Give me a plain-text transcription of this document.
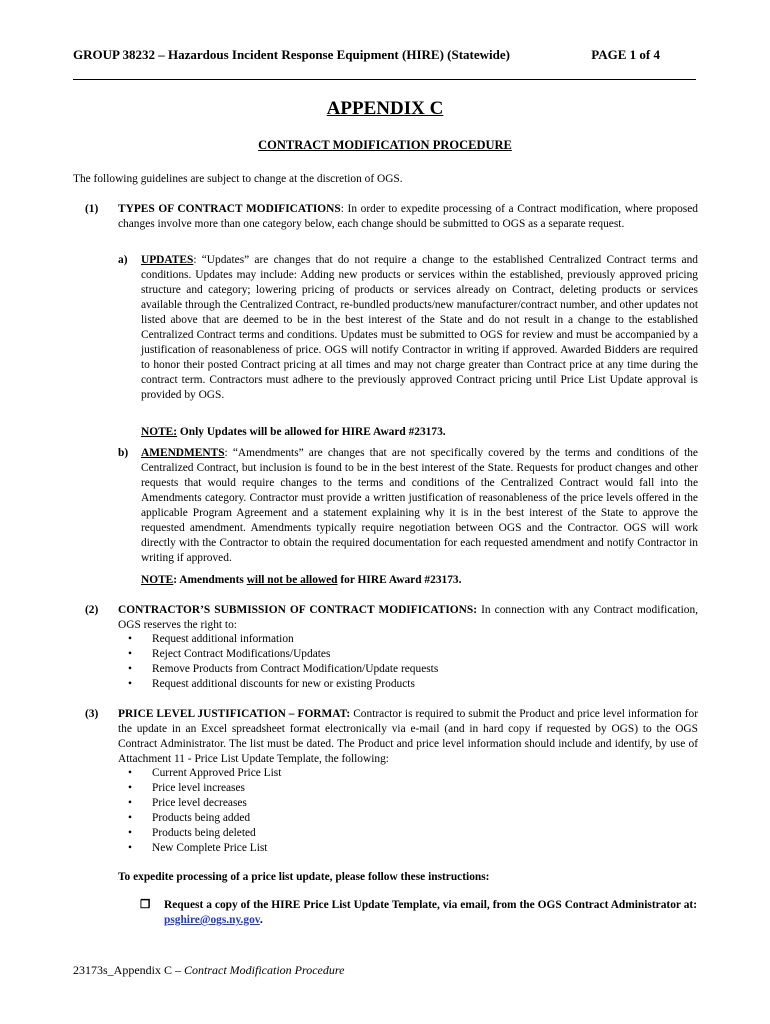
GROUP 38232 – Hazardous Incident Response Equipment (HIRE) (Statewide)	PAGE 1 of 4
APPENDIX C
CONTRACT MODIFICATION PROCEDURE
The following guidelines are subject to change at the discretion of OGS.
(1) TYPES OF CONTRACT MODIFICATIONS: In order to expedite processing of a Contract modification, where proposed changes involve more than one category below, each change should be submitted to OGS as a separate request.
a) UPDATES: “Updates” are changes that do not require a change to the established Centralized Contract terms and conditions. Updates may include: Adding new products or services within the established, previously approved pricing structure and category; lowering pricing of products or services already on Contract, deleting products or services available through the Centralized Contract, re-bundled products/new manufacturer/contract number, and other updates not listed above that are deemed to be in the best interest of the State and do not result in a change to the established Centralized Contract terms and conditions. Updates must be submitted to OGS for review and must be accompanied by a justification of reasonableness of price. OGS will notify Contractor in writing if approved. Awarded Bidders are required to honor their posted Contract pricing at all times and may not charge greater than Contract price at any time during the contract term. Contractors must adhere to the previously approved Contract pricing until Price List Update approval is provided by OGS.
NOTE: Only Updates will be allowed for HIRE Award #23173.
b) AMENDMENTS: “Amendments” are changes that are not specifically covered by the terms and conditions of the Centralized Contract, but inclusion is found to be in the best interest of the State. Requests for product changes and other requests that would require changes to the terms and conditions of the Centralized Contract would fall into the Amendments category. Contractor must provide a written justification of reasonableness of the price levels offered in the applicable Program Agreement and a statement explaining why it is in the best interest of the State to approve the requested amendment. Amendments typically require negotiation between OGS and the Contractor. OGS will work directly with the Contractor to obtain the required documentation for each requested amendment and notify Contractor in writing if approved.
NOTE: Amendments will not be allowed for HIRE Award #23173.
(2) CONTRACTOR’S SUBMISSION OF CONTRACT MODIFICATIONS: In connection with any Contract modification, OGS reserves the right to:
• Request additional information
• Reject Contract Modifications/Updates
• Remove Products from Contract Modification/Update requests
• Request additional discounts for new or existing Products
(3) PRICE LEVEL JUSTIFICATION – FORMAT: Contractor is required to submit the Product and price level information for the update in an Excel spreadsheet format electronically via e-mail (and in hard copy if requested by OGS) to the OGS Contract Administrator. The list must be dated. The Product and price level information should include and identify, by use of Attachment 11 - Price List Update Template, the following:
• Current Approved Price List
• Price level increases
• Price level decreases
• Products being added
• Products being deleted
• New Complete Price List
To expedite processing of a price list update, please follow these instructions:
❒ Request a copy of the HIRE Price List Update Template, via email, from the OGS Contract Administrator at: psghire@ogs.ny.gov.
23173s_Appendix C – Contract Modification Procedure
